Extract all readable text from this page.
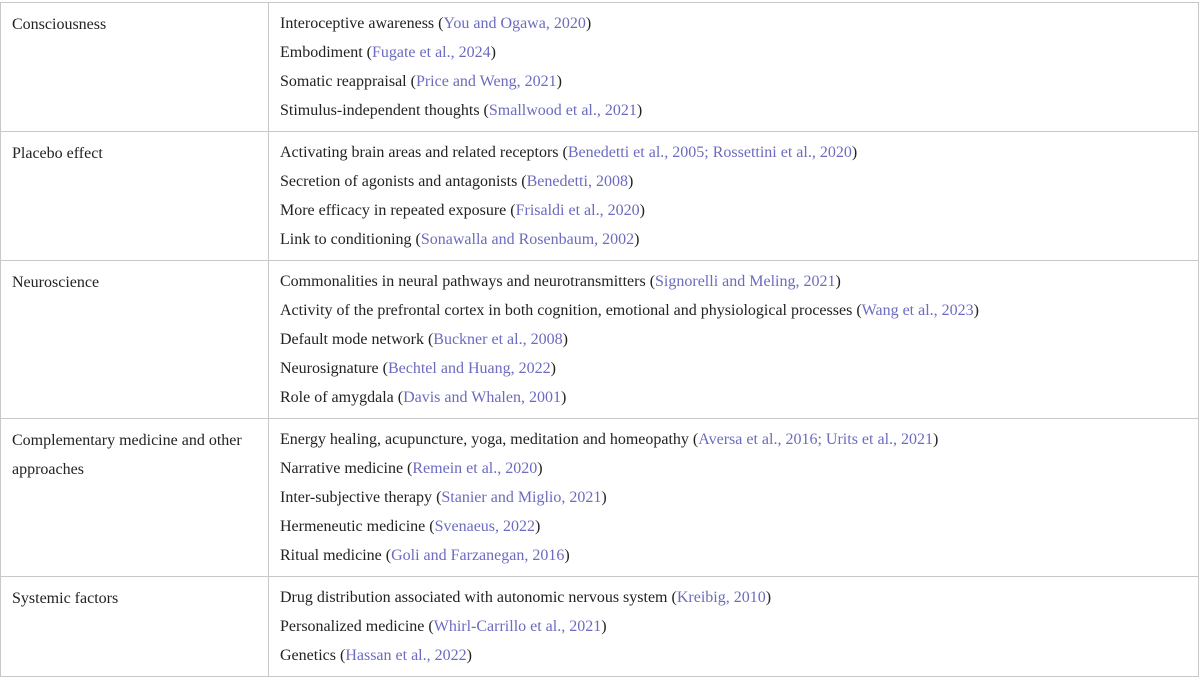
Consciousness	Interoceptive awareness (You and Ogawa, 2020)
Embodiment (Fugate et al., 2024)
Somatic reappraisal (Price and Weng, 2021)
Stimulus-independent thoughts (Smallwood et al., 2021)

Placebo effect	Activating brain areas and related receptors (Benedetti et al., 2005; Rossettini et al., 2020)
Secretion of agonists and antagonists (Benedetti, 2008)
More efficacy in repeated exposure (Frisaldi et al., 2020)
Link to conditioning (Sonawalla and Rosenbaum, 2002)

Neuroscience	Commonalities in neural pathways and neurotransmitters (Signorelli and Meling, 2021)
Activity of the prefrontal cortex in both cognition, emotional and physiological processes (Wang et al., 2023)
Default mode network (Buckner et al., 2008)
Neurosignature (Bechtel and Huang, 2022)
Role of amygdala (Davis and Whalen, 2001)

Complementary medicine and other approaches	Energy healing, acupuncture, yoga, meditation and homeopathy (Aversa et al., 2016; Urits et al., 2021)
Narrative medicine (Remein et al., 2020)
Inter-subjective therapy (Stanier and Miglio, 2021)
Hermeneutic medicine (Svenaeus, 2022)
Ritual medicine (Goli and Farzanegan, 2016)

Systemic factors	Drug distribution associated with autonomic nervous system (Kreibig, 2010)
Personalized medicine (Whirl-Carrillo et al., 2021)
Genetics (Hassan et al., 2022)
